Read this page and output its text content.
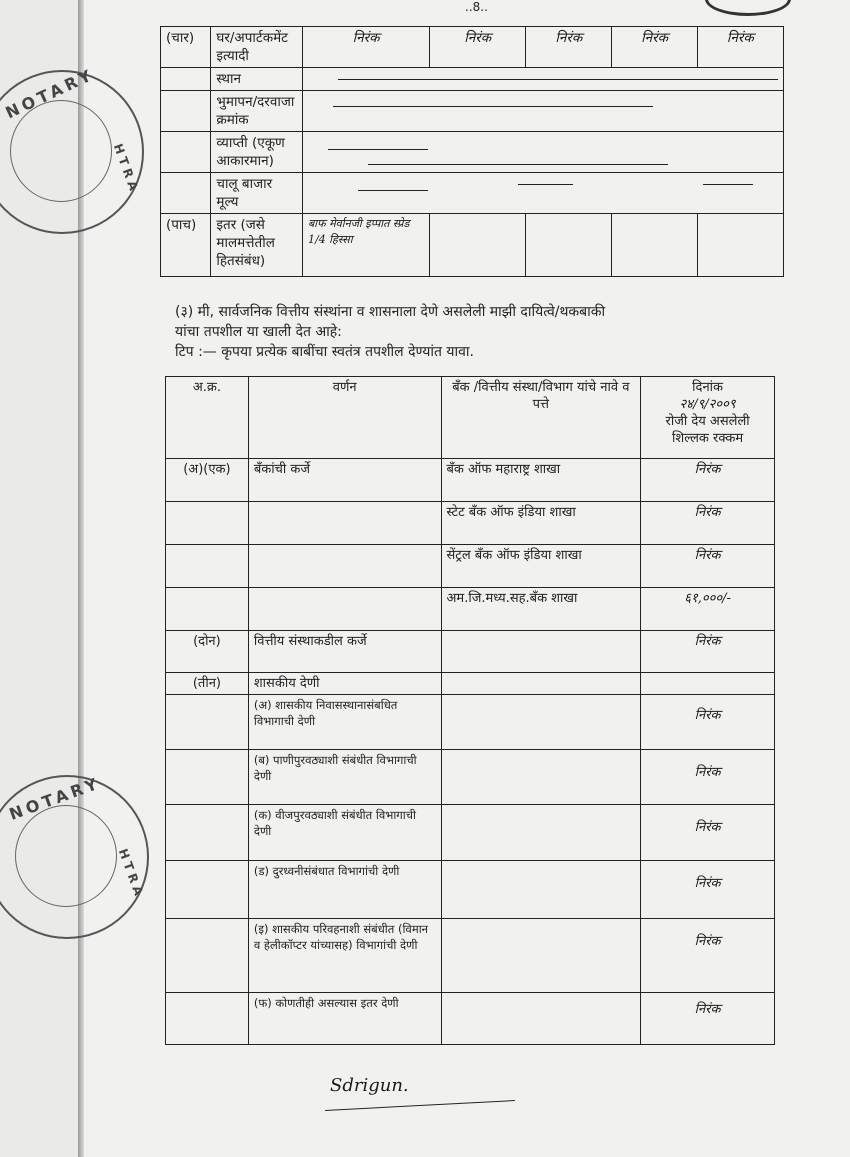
..8..
NOTARY
HTRA
NOTARY
HTRA
(चार)	घर/अपार्टकमेंट इत्यादी	निरंक	निरंक	निरंक	निरंक	निरंक
	स्थान					
	भुमापन/दरवाजा क्रमांक					
	व्याप्ती (एकूण आकारमान)					
	चालू बाजार मूल्य					
(पाच)	इतर (जसे मालमत्तेतील हितसंबंध)	बाफ मेर्वानजी इप्पात स्प्रेड 1/4 हिस्सा				
(३) मी, सार्वजनिक वित्तीय संस्थांना व शासनाला देणे असलेली माझी दायित्वे/थकबाकी
यांचा तपशील या खाली देत आहे:
टिप :— कृपया प्रत्येक बाबींचा स्वतंत्र तपशील देण्यांत यावा.
अ.क्र.	वर्णन	बॅंक /वित्तीय संस्था/विभाग यांचे नावे व पत्ते	दिनांक
२४/९/२००९
रोजी देय असलेली शिल्लक रक्कम

(अ)(एक)	बॅंकांची कर्जे	बॅंक ऑफ महाराष्ट्र शाखा	निरंक
		स्टेट बॅंक ऑफ इंडिया शाखा	निरंक
		सेंट्रल बॅंक ऑफ इंडिया शाखा	निरंक
		अम.जि.मध्य.सह.बॅंक शाखा	६१,०००/-
(दोन)	वित्तीय संस्थाकडील कर्जे		निरंक
(तीन)	शासकीय देणी		
	(अ) शासकीय निवासस्थानासंबधित विभागाची देणी		निरंक
	(ब) पाणीपुरवठ्याशी संबंधीत विभागाची देणी		निरंक
	(क) वीजपुरवठ्याशी संबंधीत विभागाची देणी		निरंक
	(ड) दुरध्वनीसंबंधात विभागांची देणी		निरंक
	(इ) शासकीय परिवहनाशी संबंधीत (विमान व हेलीकॉप्टर यांच्यासह) विभागांची देणी		निरंक
	(फ) कोणतीही असल्यास इतर देणी		निरंक
Sdrigun.
